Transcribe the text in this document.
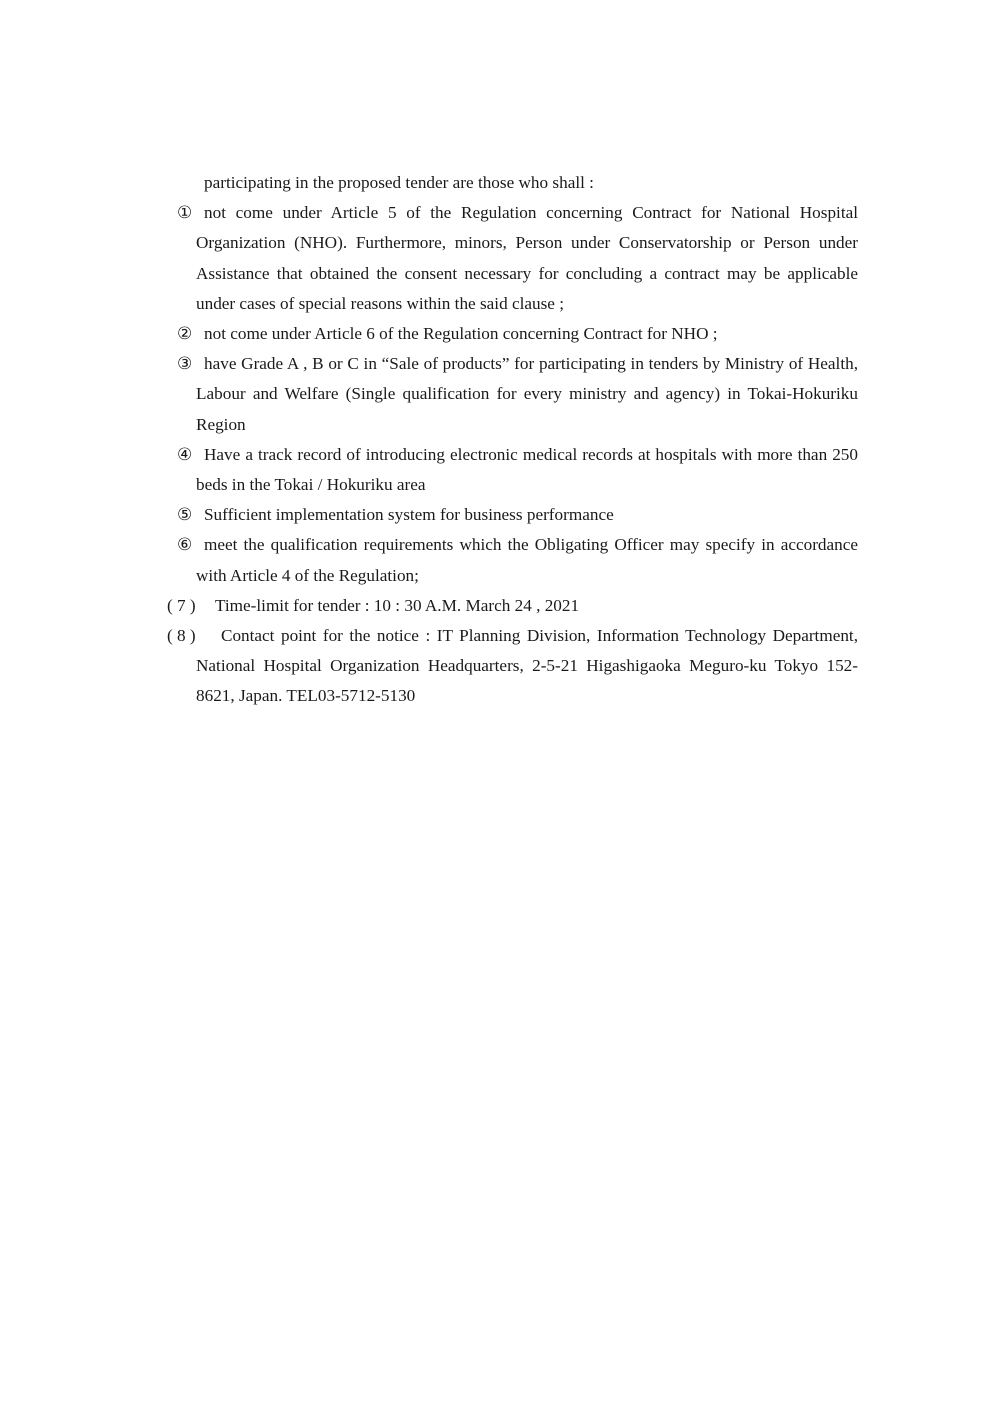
participating in the proposed tender are those who shall :
① not come under Article 5 of the Regulation concerning Contract for National Hospital Organization (NHO). Furthermore, minors, Person under Conservatorship or Person under Assistance that obtained the consent necessary for concluding a contract may be applicable under cases of special reasons within the said clause ;
② not come under Article 6 of the Regulation concerning Contract for NHO ;
③ have Grade A , B or C in “Sale of products” for participating in tenders by Ministry of Health, Labour and Welfare (Single qualification for every ministry and agency) in Tokai-Hokuriku Region
④ Have a track record of introducing electronic medical records at hospitals with more than 250 beds in the Tokai / Hokuriku area
⑤ Sufficient implementation system for business performance
⑥ meet the qualification requirements which the Obligating Officer may specify in accordance with Article 4 of the Regulation;
( 7 ) Time-limit for tender : 10 : 30 A.M. March 24 , 2021
( 8 ) Contact point for the notice : IT Planning Division, Information Technology Department, National Hospital Organization Headquarters, 2-5-21 Higashigaoka Meguro-ku Tokyo 152-8621, Japan. TEL03-5712-5130
